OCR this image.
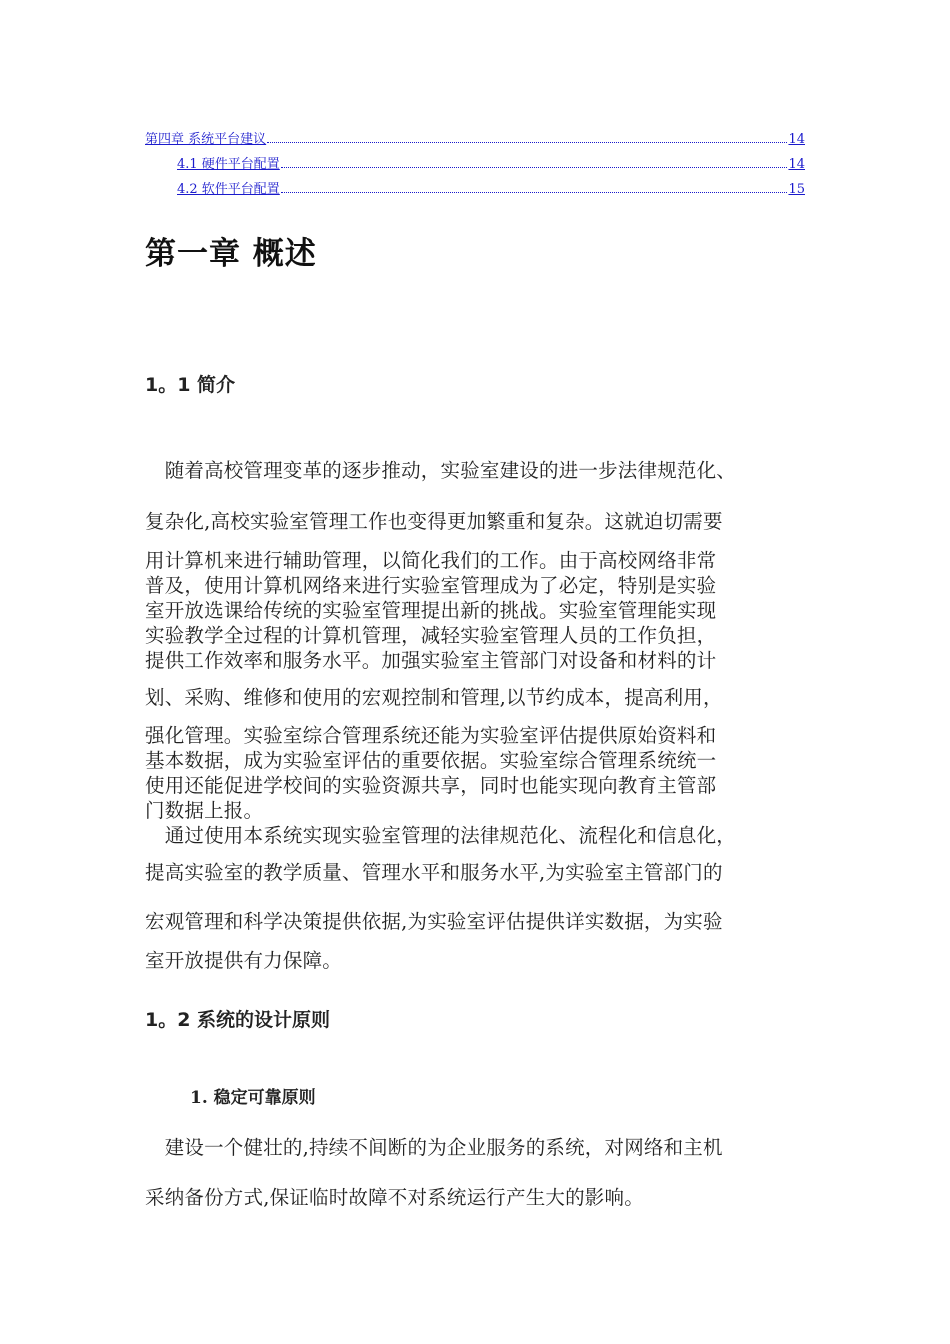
第四章 系统平台建议	14
4.1 硬件平台配置	14
4.2 软件平台配置	15
第一章 概述
1。1 简介
　随着高校管理变革的逐步推动，实验室建设的进一步法律规范化、
复杂化,高校实验室管理工作也变得更加繁重和复杂。这就迫切需要
用计算机来进行辅助管理，以简化我们的工作。由于高校网络非常
普及，使用计算机网络来进行实验室管理成为了必定，特别是实验
室开放选课给传统的实验室管理提出新的挑战。实验室管理能实现
实验教学全过程的计算机管理，减轻实验室管理人员的工作负担，
提供工作效率和服务水平。加强实验室主管部门对设备和材料的计
划、采购、维修和使用的宏观控制和管理,以节约成本，提高利用，
强化管理。实验室综合管理系统还能为实验室评估提供原始资料和
基本数据，成为实验室评估的重要依据。实验室综合管理系统统一
使用还能促进学校间的实验资源共享，同时也能实现向教育主管部
门数据上报。
　通过使用本系统实现实验室管理的法律规范化、流程化和信息化，
提高实验室的教学质量、管理水平和服务水平,为实验室主管部门的
宏观管理和科学决策提供依据,为实验室评估提供详实数据，为实验
室开放提供有力保障。
1。2 系统的设计原则
1. 稳定可靠原则
　建设一个健壮的,持续不间断的为企业服务的系统，对网络和主机
采纳备份方式,保证临时故障不对系统运行产生大的影响。
